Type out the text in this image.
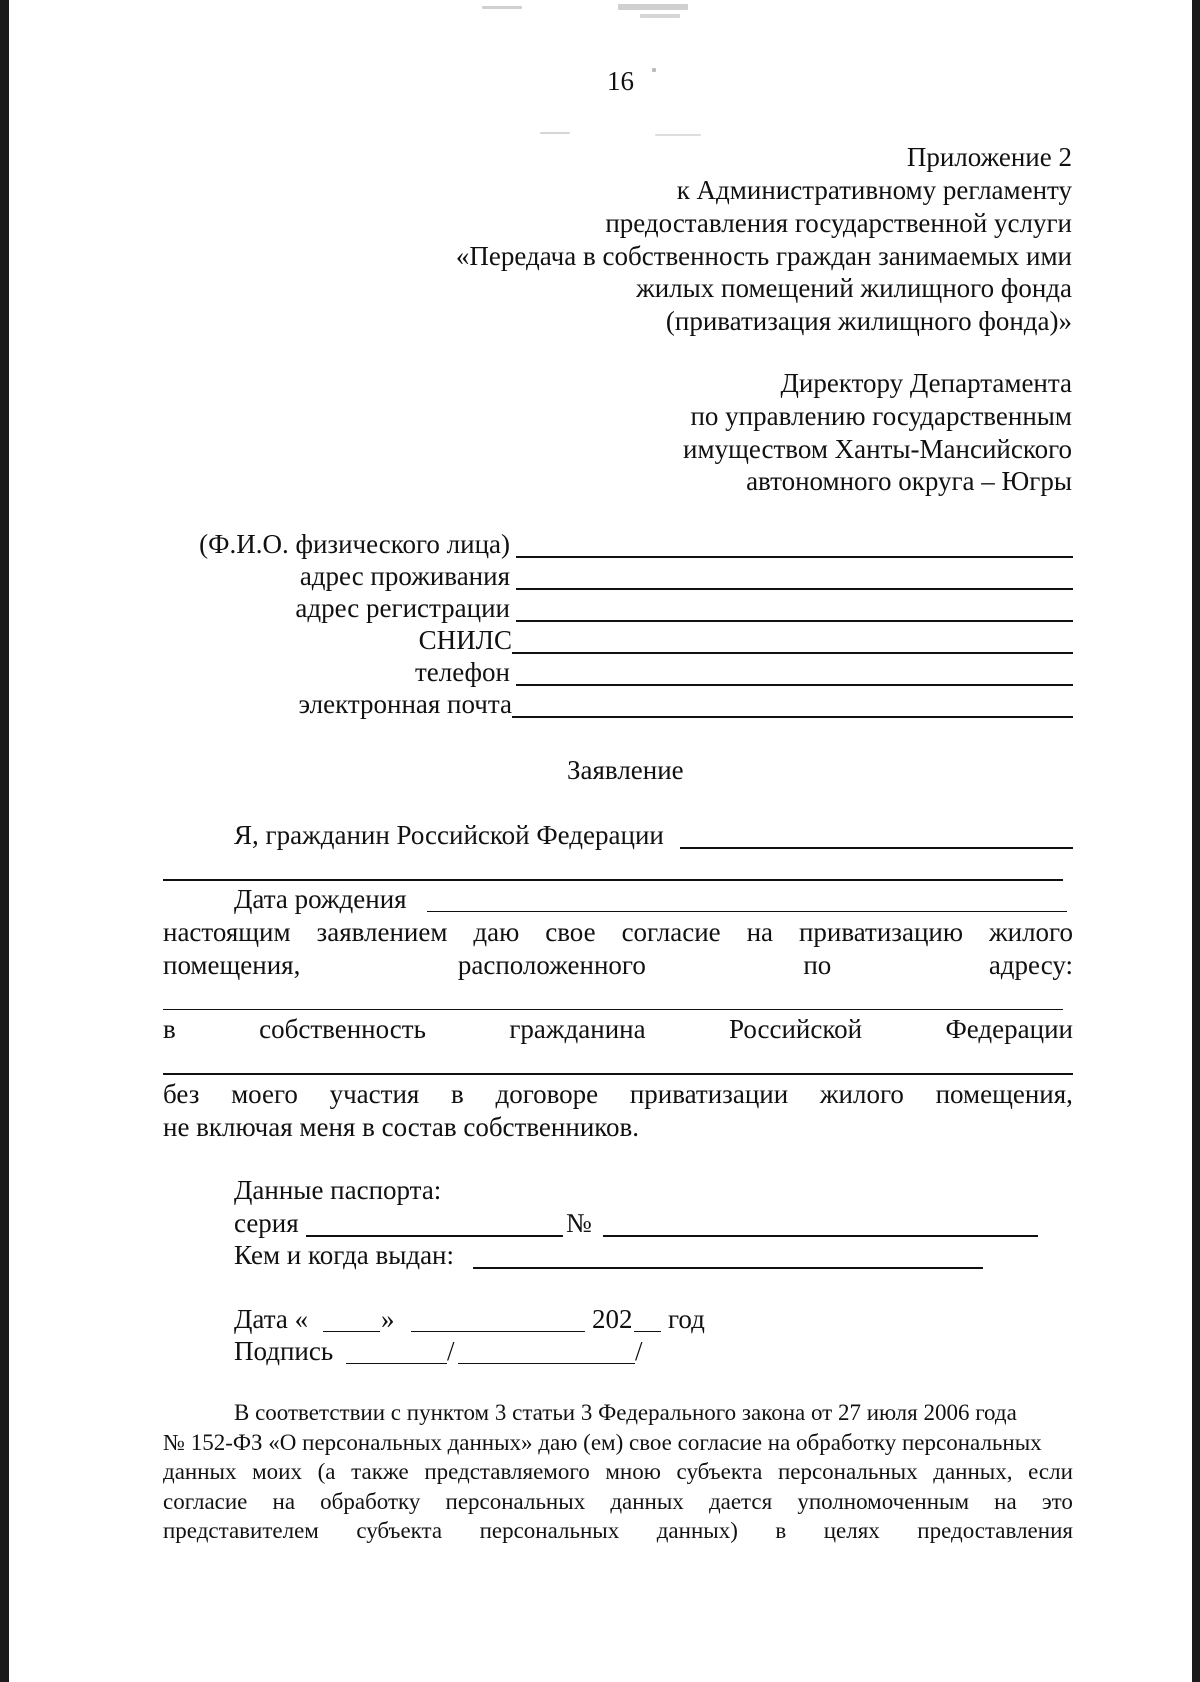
16
Приложение 2
к Административному регламенту
предоставления государственной услуги
«Передача в собственность граждан занимаемых ими
жилых помещений жилищного фонда
(приватизация жилищного фонда)»
Директору Департамента
по управлению государственным
имуществом Ханты-Мансийского
автономного округа – Югры
(Ф.И.О. физического лица)
адрес проживания
адрес регистрации
СНИЛС
телефон
электронная почта
Заявление
Я, гражданин Российской Федерации
Дата рождения
настоящим заявлением даю свое согласие на приватизацию жилого
помещения,	расположенного	по	адресу:
в	собственность	гражданина	Российской	Федерации
без моего участия в договоре приватизации жилого помещения,
не включая меня в состав собственников.
Данные паспорта:
серия	№
Кем и когда выдан:
Дата «	»	202 год
Подпись	/	/
В соответствии с пунктом 3 статьи 3 Федерального закона от 27 июля 2006 года
№ 152-ФЗ «О персональных данных» даю (ем) свое согласие на обработку персональных
данных моих (а также представляемого мною субъекта персональных данных, если
согласие на обработку персональных данных дается уполномоченным на это
представителем субъекта персональных данных) в целях предоставления
